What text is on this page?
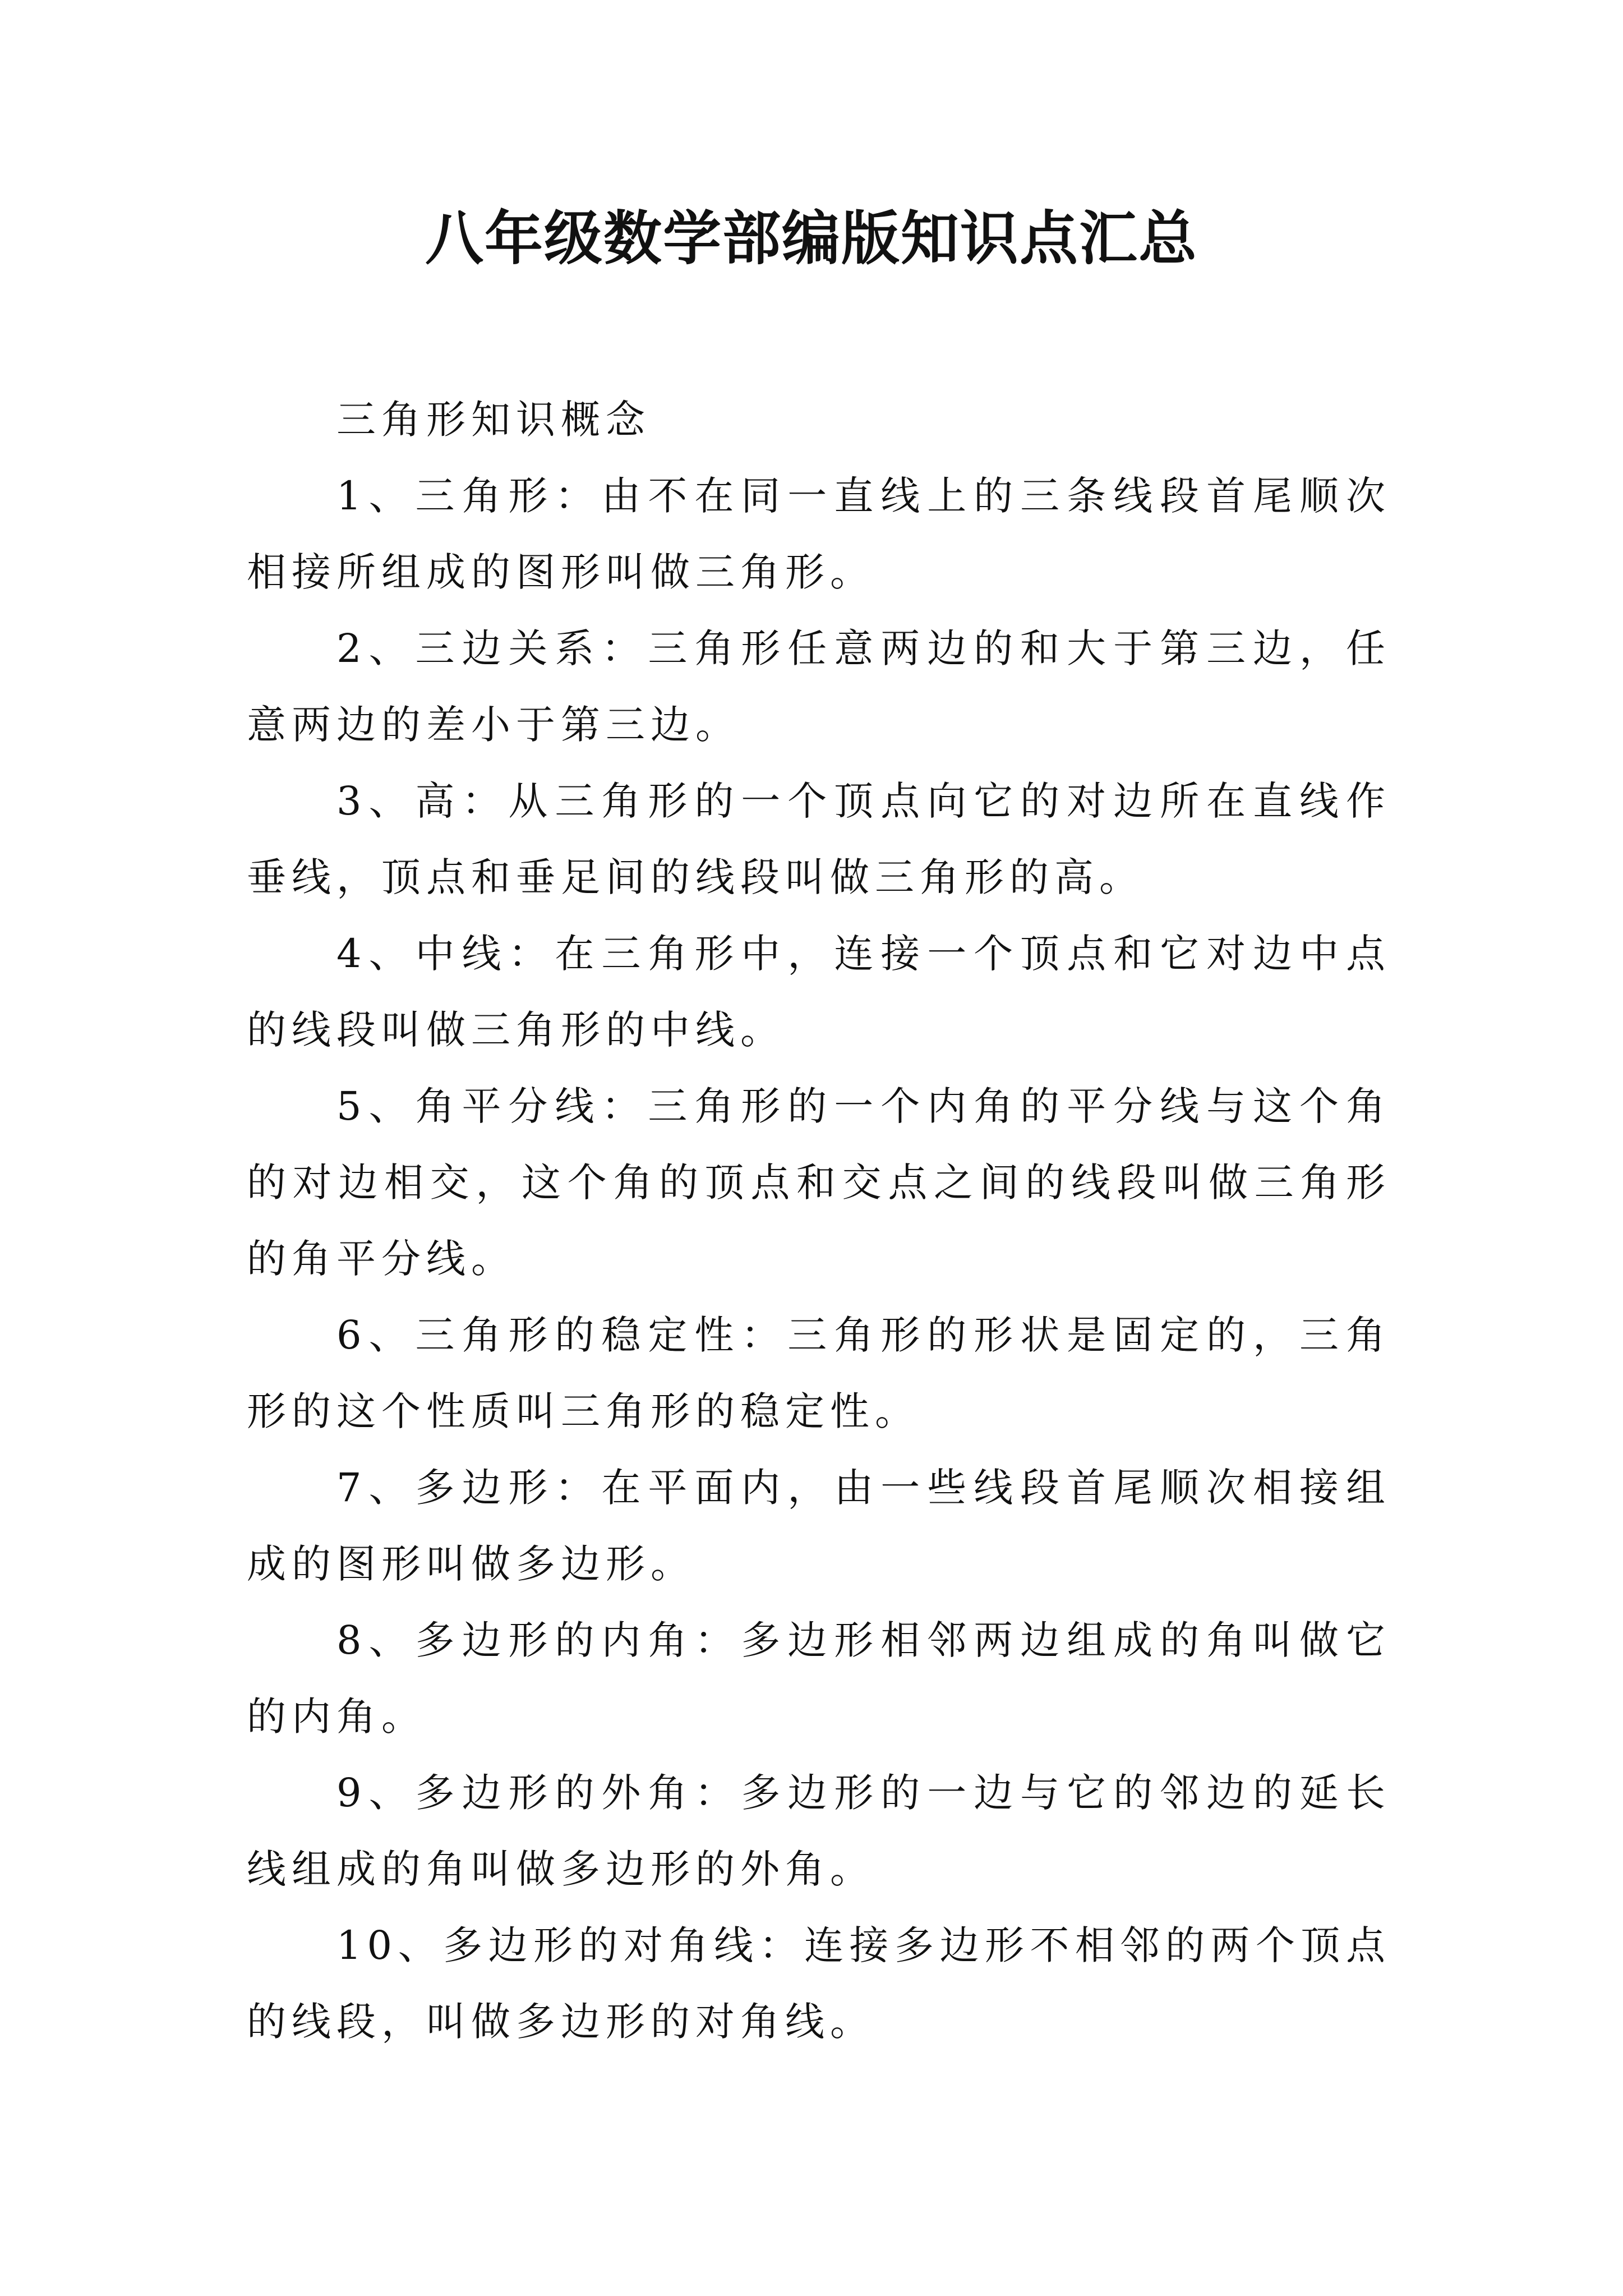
八年级数学部编版知识点汇总

三角形知识概念

1、三角形：由不在同一直线上的三条线段首尾顺次相接所组成的图形叫做三角形。

2、三边关系：三角形任意两边的和大于第三边，任意两边的差小于第三边。

3、高：从三角形的一个顶点向它的对边所在直线作垂线，顶点和垂足间的线段叫做三角形的高。

4、中线：在三角形中，连接一个顶点和它对边中点的线段叫做三角形的中线。

5、角平分线：三角形的一个内角的平分线与这个角的对边相交，这个角的顶点和交点之间的线段叫做三角形的角平分线。

6、三角形的稳定性：三角形的形状是固定的，三角形的这个性质叫三角形的稳定性。

7、多边形：在平面内，由一些线段首尾顺次相接组成的图形叫做多边形。

8、多边形的内角：多边形相邻两边组成的角叫做它的内角。

9、多边形的外角：多边形的一边与它的邻边的延长线组成的角叫做多边形的外角。

10、多边形的对角线：连接多边形不相邻的两个顶点的线段，叫做多边形的对角线。
